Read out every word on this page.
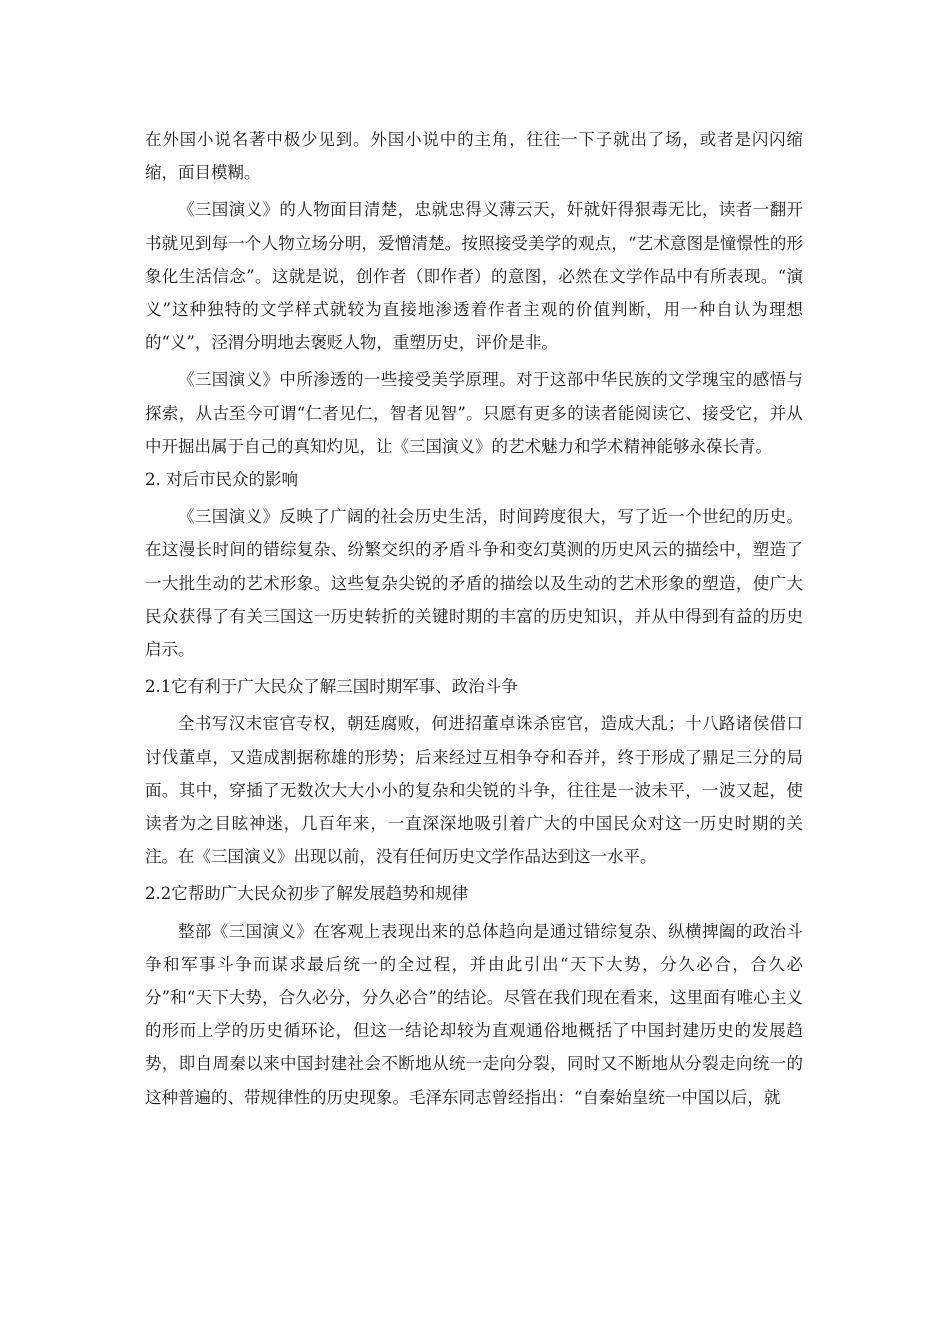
在外国小说名著中极少见到。外国小说中的主角，往往一下子就出了场，或者是闪闪缩缩，面目模糊。

《三国演义》的人物面目清楚，忠就忠得义薄云天，奸就奸得狠毒无比，读者一翻开书就见到每一个人物立场分明，爱憎清楚。按照接受美学的观点，“艺术意图是憧憬性的形象化生活信念”。这就是说，创作者（即作者）的意图，必然在文学作品中有所表现。“演义”这种独特的文学样式就较为直接地渗透着作者主观的价值判断，用一种自认为理想的“义”，泾渭分明地去褒贬人物，重塑历史，评价是非。

《三国演义》中所渗透的一些接受美学原理。对于这部中华民族的文学瑰宝的感悟与探索，从古至今可谓“仁者见仁，智者见智”。只愿有更多的读者能阅读它、接受它，并从中开掘出属于自己的真知灼见，让《三国演义》的艺术魅力和学术精神能够永葆长青。

2. 对后市民众的影响

《三国演义》反映了广阔的社会历史生活，时间跨度很大，写了近一个世纪的历史。在这漫长时间的错综复杂、纷繁交织的矛盾斗争和变幻莫测的历史风云的描绘中，塑造了一大批生动的艺术形象。这些复杂尖锐的矛盾的描绘以及生动的艺术形象的塑造，使广大民众获得了有关三国这一历史转折的关键时期的丰富的历史知识，并从中得到有益的历史启示。

2.1它有利于广大民众了解三国时期军事、政治斗争

全书写汉末宦官专权，朝廷腐败，何进招董卓诛杀宦官，造成大乱；十八路诸侯借口讨伐董卓，又造成割据称雄的形势；后来经过互相争夺和吞并，终于形成了鼎足三分的局面。其中，穿插了无数次大大小小的复杂和尖锐的斗争，往往是一波未平，一波又起，使读者为之目眩神迷，几百年来，一直深深地吸引着广大的中国民众对这一历史时期的关注。在《三国演义》出现以前，没有任何历史文学作品达到这一水平。

2.2它帮助广大民众初步了解发展趋势和规律

整部《三国演义》在客观上表现出来的总体趋向是通过错综复杂、纵横捭阖的政治斗争和军事斗争而谋求最后统一的全过程，并由此引出“天下大势，分久必合，合久必分”和“天下大势，合久必分，分久必合”的结论。尽管在我们现在看来，这里面有唯心主义的形而上学的历史循环论，但这一结论却较为直观通俗地概括了中国封建历史的发展趋势，即自周秦以来中国封建社会不断地从统一走向分裂，同时又不断地从分裂走向统一的这种普遍的、带规律性的历史现象。毛泽东同志曾经指出：“自秦始皇统一中国以后，就
